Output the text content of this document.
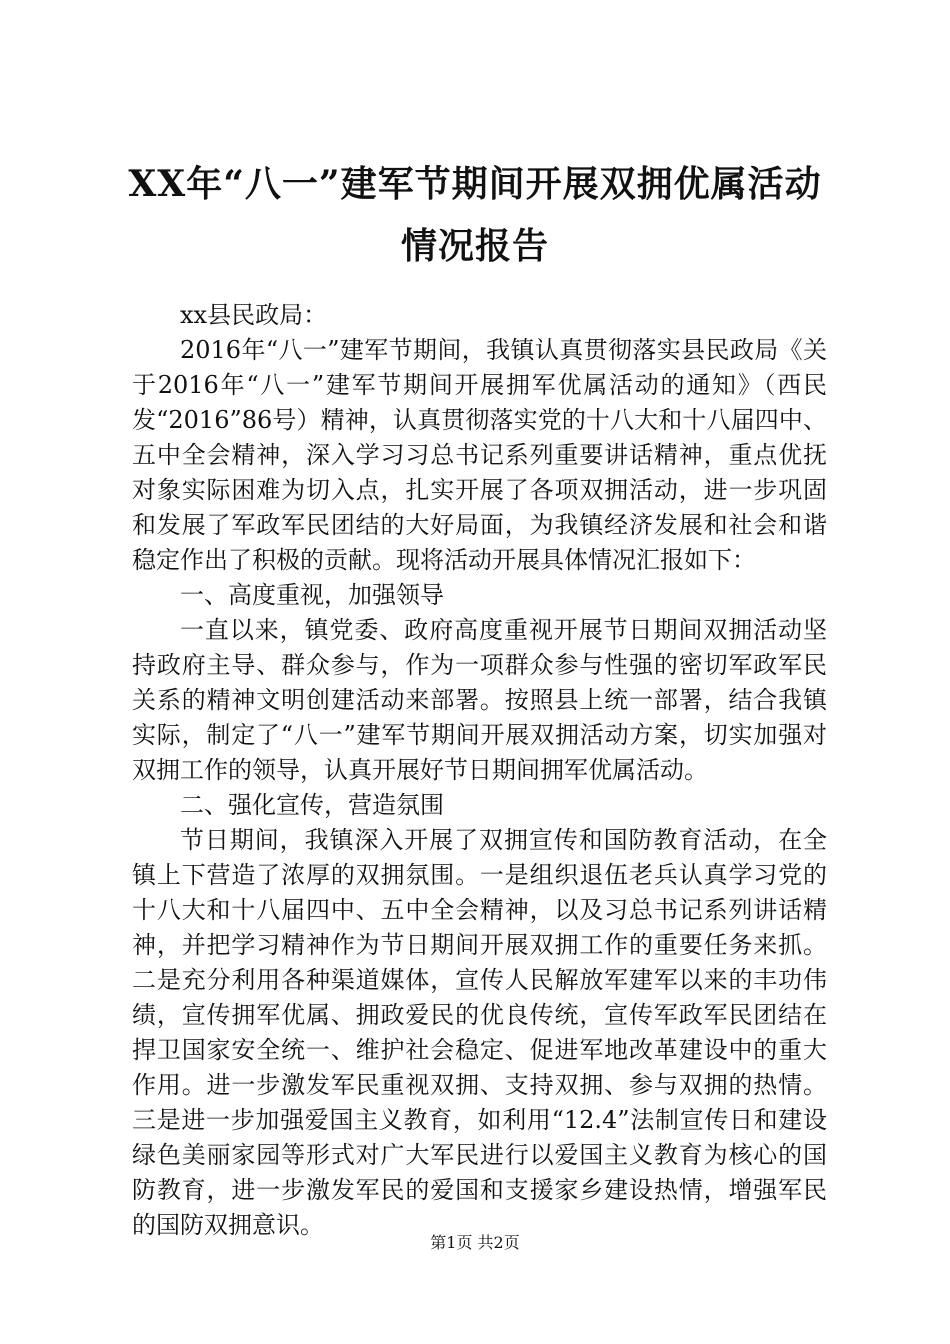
XX年“八一”建军节期间开展双拥优属活动
情况报告

xx县民政局：

2016年“八一”建军节期间，我镇认真贯彻落实县民政局《关于2016年“八一”建军节期间开展拥军优属活动的通知》（西民发“2016”86号）精神，认真贯彻落实党的十八大和十八届四中、五中全会精神，深入学习习总书记系列重要讲话精神，重点优抚对象实际困难为切入点，扎实开展了各项双拥活动，进一步巩固和发展了军政军民团结的大好局面，为我镇经济发展和社会和谐稳定作出了积极的贡献。现将活动开展具体情况汇报如下：

一、高度重视，加强领导

一直以来，镇党委、政府高度重视开展节日期间双拥活动坚持政府主导、群众参与，作为一项群众参与性强的密切军政军民关系的精神文明创建活动来部署。按照县上统一部署，结合我镇实际，制定了“八一”建军节期间开展双拥活动方案，切实加强对双拥工作的领导，认真开展好节日期间拥军优属活动。

二、强化宣传，营造氛围

节日期间，我镇深入开展了双拥宣传和国防教育活动，在全镇上下营造了浓厚的双拥氛围。一是组织退伍老兵认真学习党的十八大和十八届四中、五中全会精神，以及习总书记系列讲话精神，并把学习精神作为节日期间开展双拥工作的重要任务来抓。二是充分利用各种渠道媒体，宣传人民解放军建军以来的丰功伟绩，宣传拥军优属、拥政爱民的优良传统，宣传军政军民团结在捍卫国家安全统一、维护社会稳定、促进军地改革建设中的重大作用。进一步激发军民重视双拥、支持双拥、参与双拥的热情。三是进一步加强爱国主义教育，如利用“12.4”法制宣传日和建设绿色美丽家园等形式对广大军民进行以爱国主义教育为核心的国防教育，进一步激发军民的爱国和支援家乡建设热情，增强军民的国防双拥意识。

第1页 共2页
